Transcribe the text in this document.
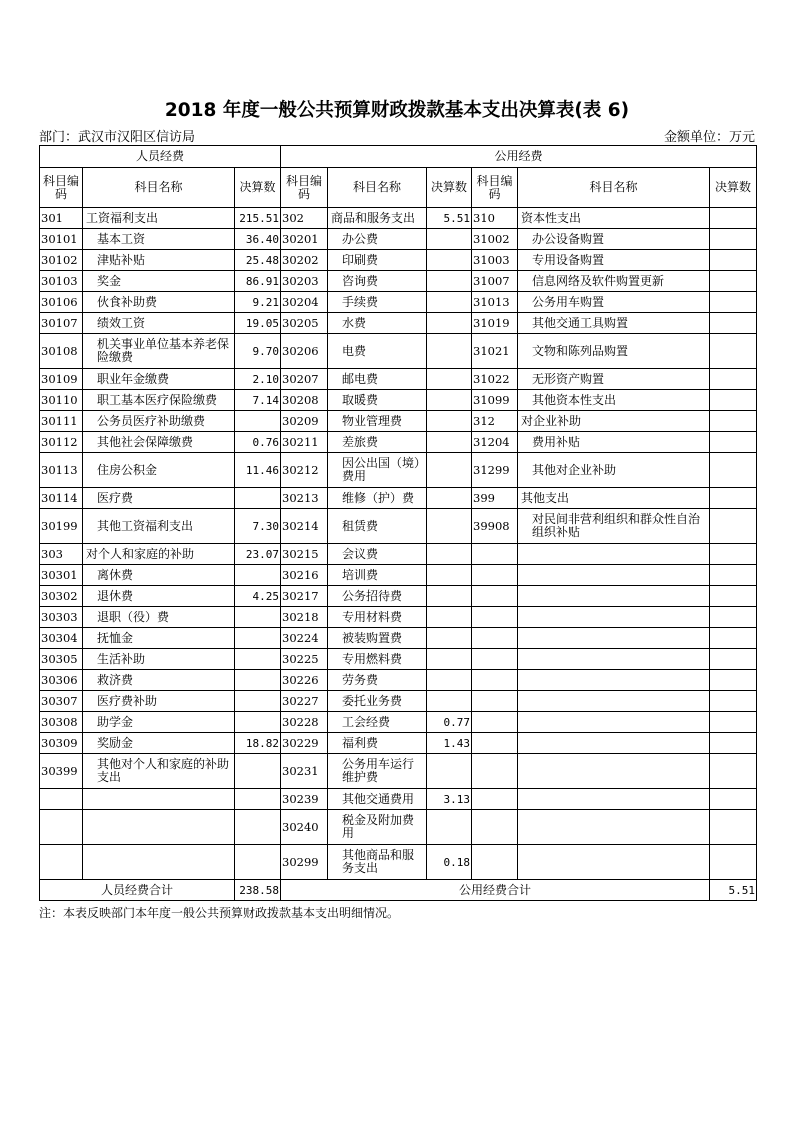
2018 年度一般公共预算财政拨款基本支出决算表(表 6)
部门：武汉市汉阳区信访局	金额单位：万元
人员经费			公用经费					
科目编码	科目名称	决算数	科目编码	科目名称	决算数	科目编码	科目名称	决算数
301	工资福利支出	215.51	302	商品和服务支出	5.51	310	资本性支出	
30101	基本工资	36.40	30201	办公费		31002	办公设备购置	
30102	津贴补贴	25.48	30202	印刷费		31003	专用设备购置	
30103	奖金	86.91	30203	咨询费		31007	信息网络及软件购置更新	
30106	伙食补助费	9.21	30204	手续费		31013	公务用车购置	
30107	绩效工资	19.05	30205	水费		31019	其他交通工具购置	
30108	机关事业单位基本养老保险缴费	9.70	30206	电费		31021	文物和陈列品购置	
30109	职业年金缴费	2.10	30207	邮电费		31022	无形资产购置	
30110	职工基本医疗保险缴费	7.14	30208	取暖费		31099	其他资本性支出	
30111	公务员医疗补助缴费		30209	物业管理费		312	对企业补助	
30112	其他社会保障缴费	0.76	30211	差旅费		31204	费用补贴	
30113	住房公积金	11.46	30212	因公出国（境）费用		31299	其他对企业补助	
30114	医疗费		30213	维修（护）费		399	其他支出	
30199	其他工资福利支出	7.30	30214	租赁费		39908	对民间非营利组织和群众性自治组织补贴	
303	对个人和家庭的补助	23.07	30215	会议费				
30301	离休费		30216	培训费				
30302	退休费	4.25	30217	公务招待费				
30303	退职（役）费		30218	专用材料费				
30304	抚恤金		30224	被装购置费				
30305	生活补助		30225	专用燃料费				
30306	救济费		30226	劳务费				
30307	医疗费补助		30227	委托业务费				
30308	助学金		30228	工会经费	0.77			
30309	奖励金	18.82	30229	福利费	1.43			
30399	其他对个人和家庭的补助支出		30231	公务用车运行维护费				
			30239	其他交通费用	3.13			
			30240	税金及附加费用				
			30299	其他商品和服务支出	0.18			
人员经费合计		238.58	公用经费合计					5.51
注：本表反映部门本年度一般公共预算财政拨款基本支出明细情况。
